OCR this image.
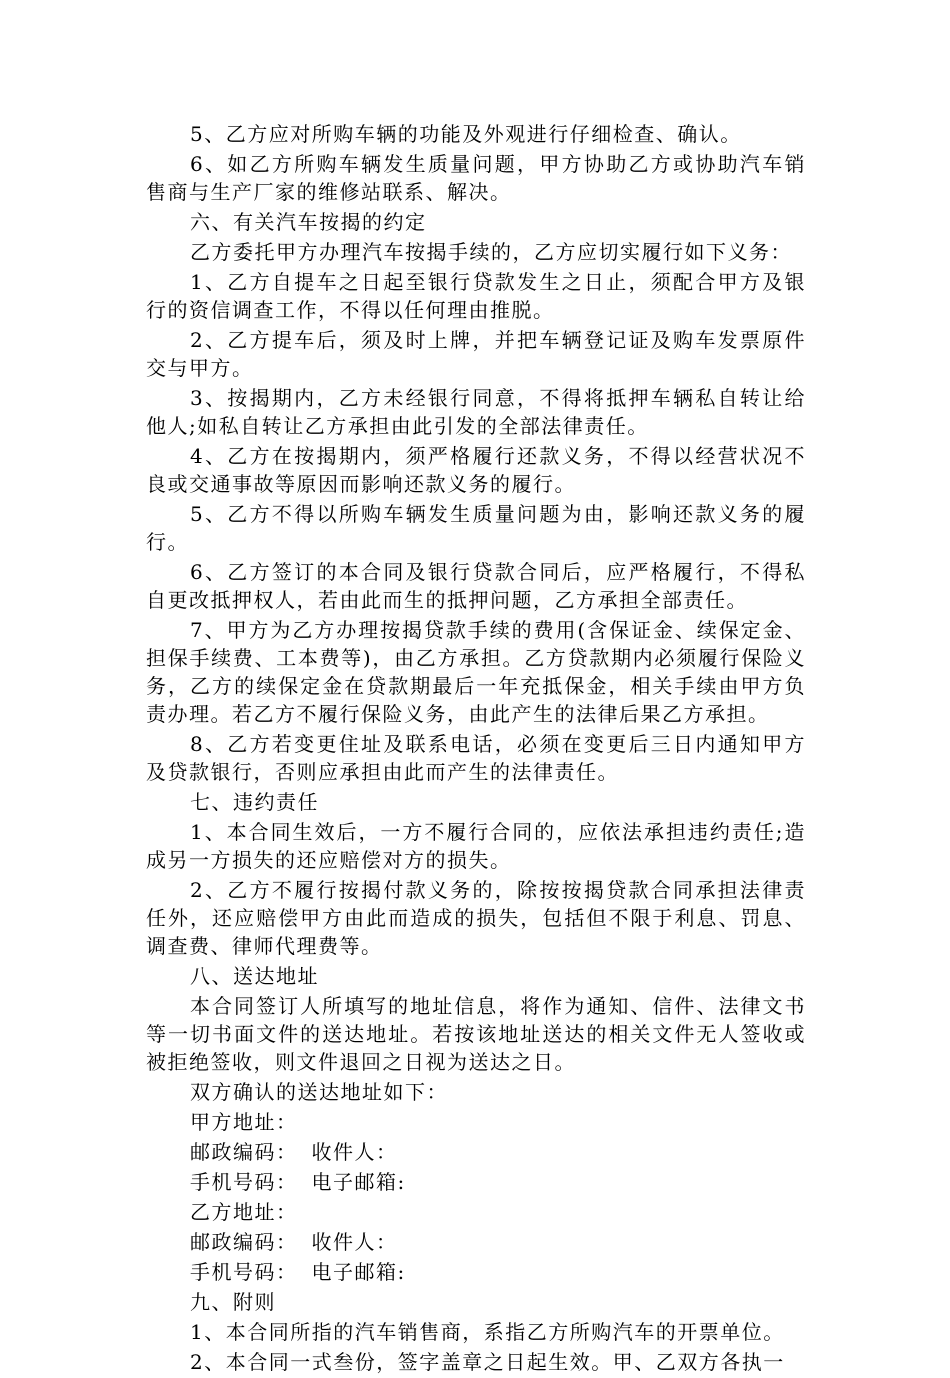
5、乙方应对所购车辆的功能及外观进行仔细检查、确认。

6、如乙方所购车辆发生质量问题，甲方协助乙方或协助汽车销售商与生产厂家的维修站联系、解决。

六、有关汽车按揭的约定

乙方委托甲方办理汽车按揭手续的，乙方应切实履行如下义务：

1、乙方自提车之日起至银行贷款发生之日止，须配合甲方及银行的资信调查工作，不得以任何理由推脱。

2、乙方提车后，须及时上牌，并把车辆登记证及购车发票原件交与甲方。

3、按揭期内，乙方未经银行同意，不得将抵押车辆私自转让给他人;如私自转让乙方承担由此引发的全部法律责任。

4、乙方在按揭期内，须严格履行还款义务，不得以经营状况不良或交通事故等原因而影响还款义务的履行。

5、乙方不得以所购车辆发生质量问题为由，影响还款义务的履行。

6、乙方签订的本合同及银行贷款合同后，应严格履行，不得私自更改抵押权人，若由此而生的抵押问题，乙方承担全部责任。

7、甲方为乙方办理按揭贷款手续的费用(含保证金、续保定金、担保手续费、工本费等)，由乙方承担。乙方贷款期内必须履行保险义务，乙方的续保定金在贷款期最后一年充抵保金，相关手续由甲方负责办理。若乙方不履行保险义务，由此产生的法律后果乙方承担。

8、乙方若变更住址及联系电话，必须在变更后三日内通知甲方及贷款银行，否则应承担由此而产生的法律责任。

七、违约责任

1、本合同生效后，一方不履行合同的，应依法承担违约责任;造成另一方损失的还应赔偿对方的损失。

2、乙方不履行按揭付款义务的，除按按揭贷款合同承担法律责任外，还应赔偿甲方由此而造成的损失，包括但不限于利息、罚息、调查费、律师代理费等。

八、送达地址

本合同签订人所填写的地址信息，将作为通知、信件、法律文书等一切书面文件的送达地址。若按该地址送达的相关文件无人签收或被拒绝签收，则文件退回之日视为送达之日。

双方确认的送达地址如下：

甲方地址：

邮政编码： 收件人：

手机号码： 电子邮箱:

乙方地址：

邮政编码： 收件人：

手机号码： 电子邮箱:

九、附则

1、本合同所指的汽车销售商，系指乙方所购汽车的开票单位。

2、本合同一式叁份，签字盖章之日起生效。甲、乙双方各执一
